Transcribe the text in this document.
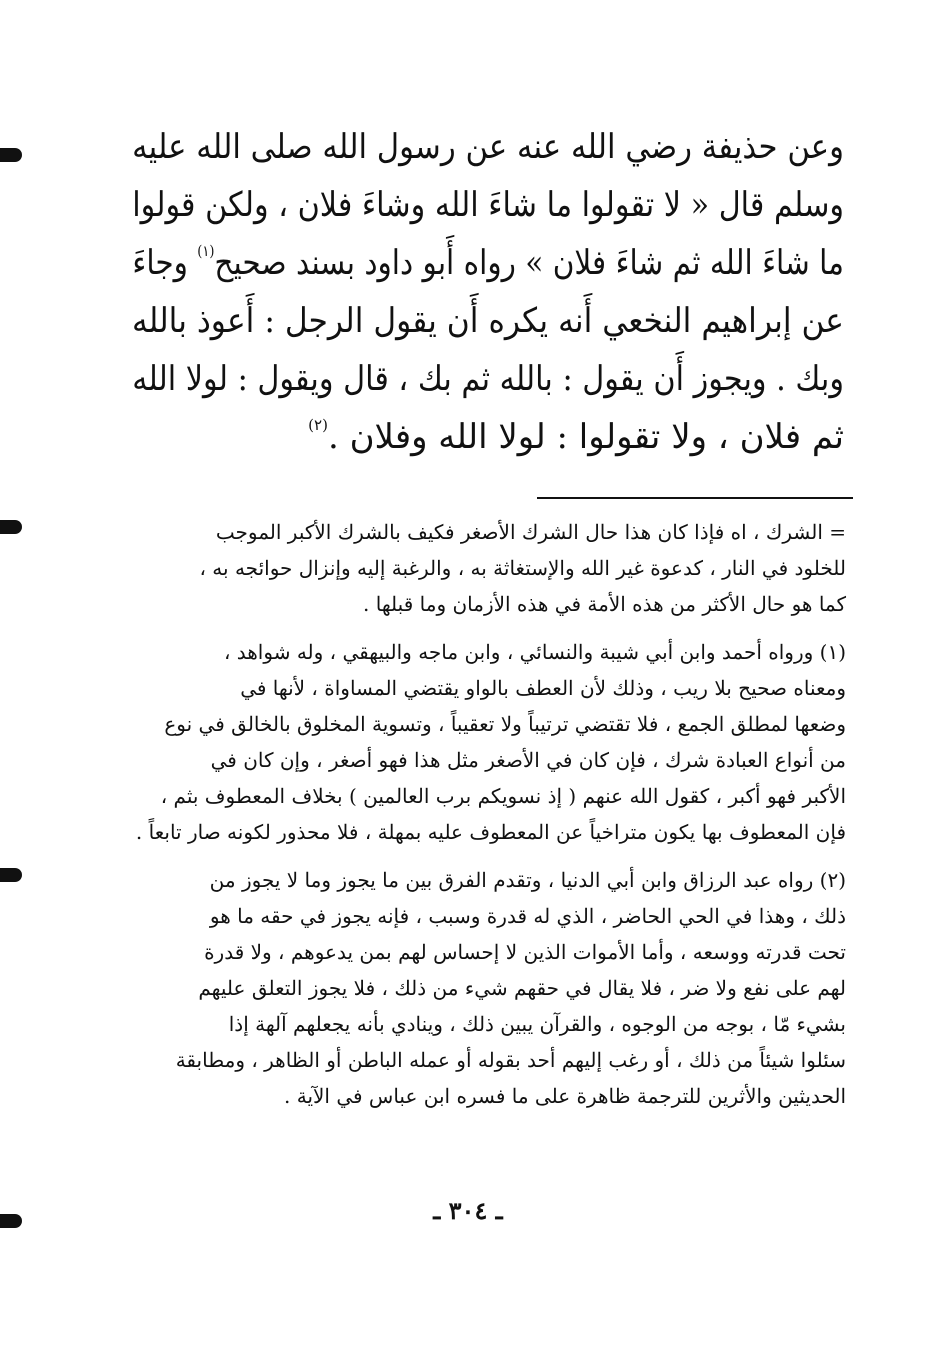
وعن حذيفة رضي الله عنه عن رسول الله صلى الله عليه
وسلم قال « لا تقولوا ما شاءَ الله وشاءَ فلان ، ولكن قولوا
ما شاءَ الله ثم شاءَ فلان » رواه أَبو داود بسند صحيح$^{(١)}$ وجاءَ
عن إبراهيم النخعي أَنه يكره أَن يقول الرجل : أَعوذ بالله
وبك . ويجوز أَن يقول : بالله ثم بك ، قال ويقول : لولا الله
ثم فلان ، ولا تقولوا : لولا الله وفلان .$^{(٢)}$
= الشرك ، اه فإذا كان هذا حال الشرك الأصغر فكيف بالشرك الأكبر الموجب
للخلود في النار ، كدعوة غير الله والإستغاثة به ، والرغبة إليه وإنزال حوائجه به ،
كما هو حال الأكثر من هذه الأمة في هذه الأزمان وما قبلها .
(١) ورواه أحمد وابن أبي شيبة والنسائي ، وابن ماجه والبيهقي ، وله شواهد ،
ومعناه صحيح بلا ريب ، وذلك لأن العطف بالواو يقتضي المساواة ، لأنها في
وضعها لمطلق الجمع ، فلا تقتضي ترتيباً ولا تعقيباً ، وتسوية المخلوق بالخالق في نوع
من أنواع العبادة شرك ، فإن كان في الأصغر مثل هذا فهو أصغر ، وإن كان في
الأكبر فهو أكبر ، كقول الله عنهم ( إذ نسويكم برب العالمين ) بخلاف المعطوف بثم ،
فإن المعطوف بها يكون متراخياً عن المعطوف عليه بمهلة ، فلا محذور لكونه صار تابعاً .
(٢) رواه عبد الرزاق وابن أبي الدنيا ، وتقدم الفرق بين ما يجوز وما لا يجوز من
ذلك ، وهذا في الحي الحاضر ، الذي له قدرة وسبب ، فإنه يجوز في حقه ما هو
تحت قدرته ووسعه ، وأما الأموات الذين لا إحساس لهم بمن يدعوهم ، ولا قدرة
لهم على نفع ولا ضر ، فلا يقال في حقهم شيء من ذلك ، فلا يجوز التعلق عليهم
بشيء مّا ، بوجه من الوجوه ، والقرآن يبين ذلك ، وينادي بأنه يجعلهم آلهة إذا
سئلوا شيئاً من ذلك ، أو رغب إليهم أحد بقوله أو عمله الباطن أو الظاهر ، ومطابقة
الحديثين والأثرين للترجمة ظاهرة على ما فسره ابن عباس في الآية .
ـ ٣٠٤ ـ
